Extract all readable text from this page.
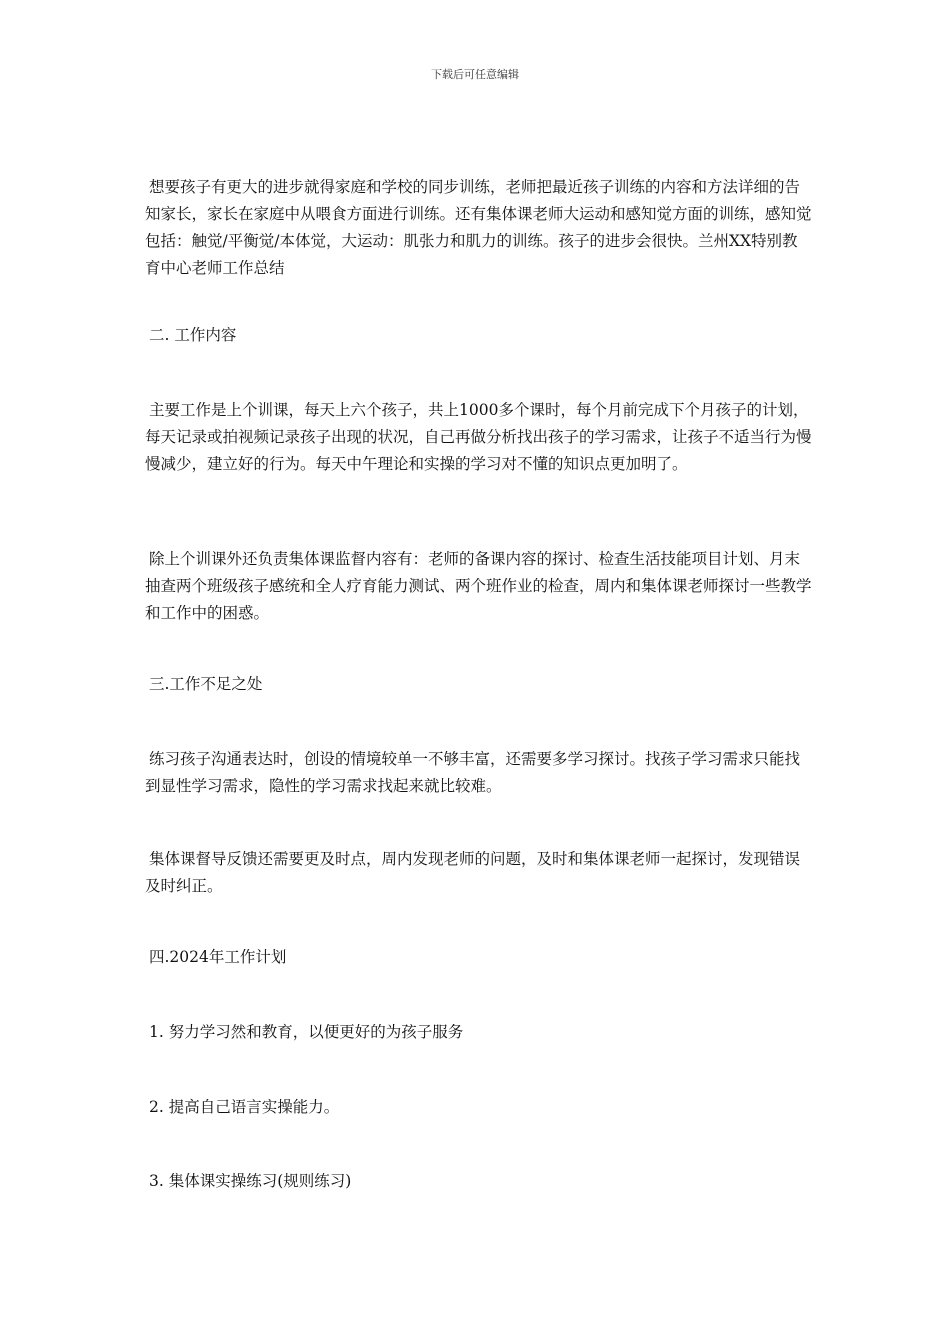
下载后可任意编辑

想要孩子有更大的进步就得家庭和学校的同步训练，老师把最近孩子训练的内容和方法详细的告知家长，家长在家庭中从喂食方面进行训练。还有集体课老师大运动和感知觉方面的训练，感知觉包括：触觉/平衡觉/本体觉，大运动：肌张力和肌力的训练。孩子的进步会很快。兰州XX特别教育中心老师工作总结

二. 工作内容

主要工作是上个训课，每天上六个孩子，共上1000多个课时，每个月前完成下个月孩子的计划，每天记录或拍视频记录孩子出现的状况，自己再做分析找出孩子的学习需求，让孩子不适当行为慢慢减少，建立好的行为。每天中午理论和实操的学习对不懂的知识点更加明了。

除上个训课外还负责集体课监督内容有：老师的备课内容的探讨、检查生活技能项目计划、月末抽查两个班级孩子感统和全人疗育能力测试、两个班作业的检查，周内和集体课老师探讨一些教学和工作中的困惑。

三.工作不足之处

练习孩子沟通表达时，创设的情境较单一不够丰富，还需要多学习探讨。找孩子学习需求只能找到显性学习需求，隐性的学习需求找起来就比较难。

集体课督导反馈还需要更及时点，周内发现老师的问题，及时和集体课老师一起探讨，发现错误及时纠正。

四.2024年工作计划

1. 努力学习然和教育，以便更好的为孩子服务

2. 提高自己语言实操能力。

3. 集体课实操练习(规则练习)
